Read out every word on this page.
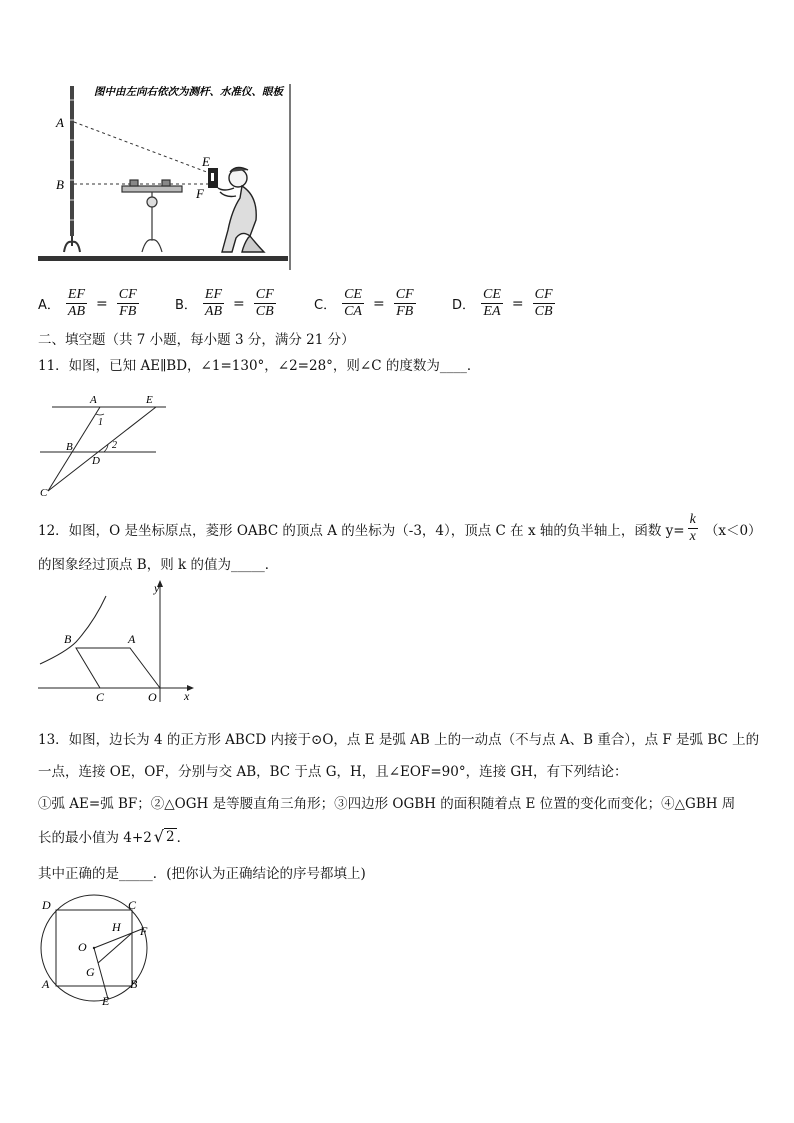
图中由左向右依次为测杆、水准仪、眼板
A
B
E
F
A． $\frac{EF}{AB} = \frac{CF}{FB}$	B． $\frac{EF}{AB} = \frac{CF}{CB}$	C． $\frac{CE}{CA} = \frac{CF}{FB}$	D． $\frac{CE}{EA} = \frac{CF}{CB}$
二、填空题（共 7 小题，每小题 3 分，满分 21 分）
11．如图，已知 AE∥BD，∠1=130°，∠2=28°，则∠C 的度数为____．
A	E
1
B	2
D
C
12．如图，O 是坐标原点，菱形 OABC 的顶点 A 的坐标为（-3，4），顶点 C 在 x 轴的负半轴上，函数 $y= \frac{k}{x} (x<0)$
的图象经过顶点 B，则 k 的值为_____．
y
x
B	A
C	O
13．如图，边长为 4 的正方形 ABCD 内接于⊙O，点 E 是弧 AB 上的一动点（不与点 A、B 重合），点 F 是弧 BC 上的
一点，连接 OE，OF，分别与交 AB，BC 于点 G，H，且∠EOF=90°，连接 GH，有下列结论：
①弧 AE=弧 BF；②△OGH 是等腰直角三角形；③四边形 OGBH 的面积随着点 E 位置的变化而变化；④△GBH 周
长的最小值为 4+2 √ 2 ．
其中正确的是_____．(把你认为正确结论的序号都填上)
D	C
H F
O
G
A	B
E
